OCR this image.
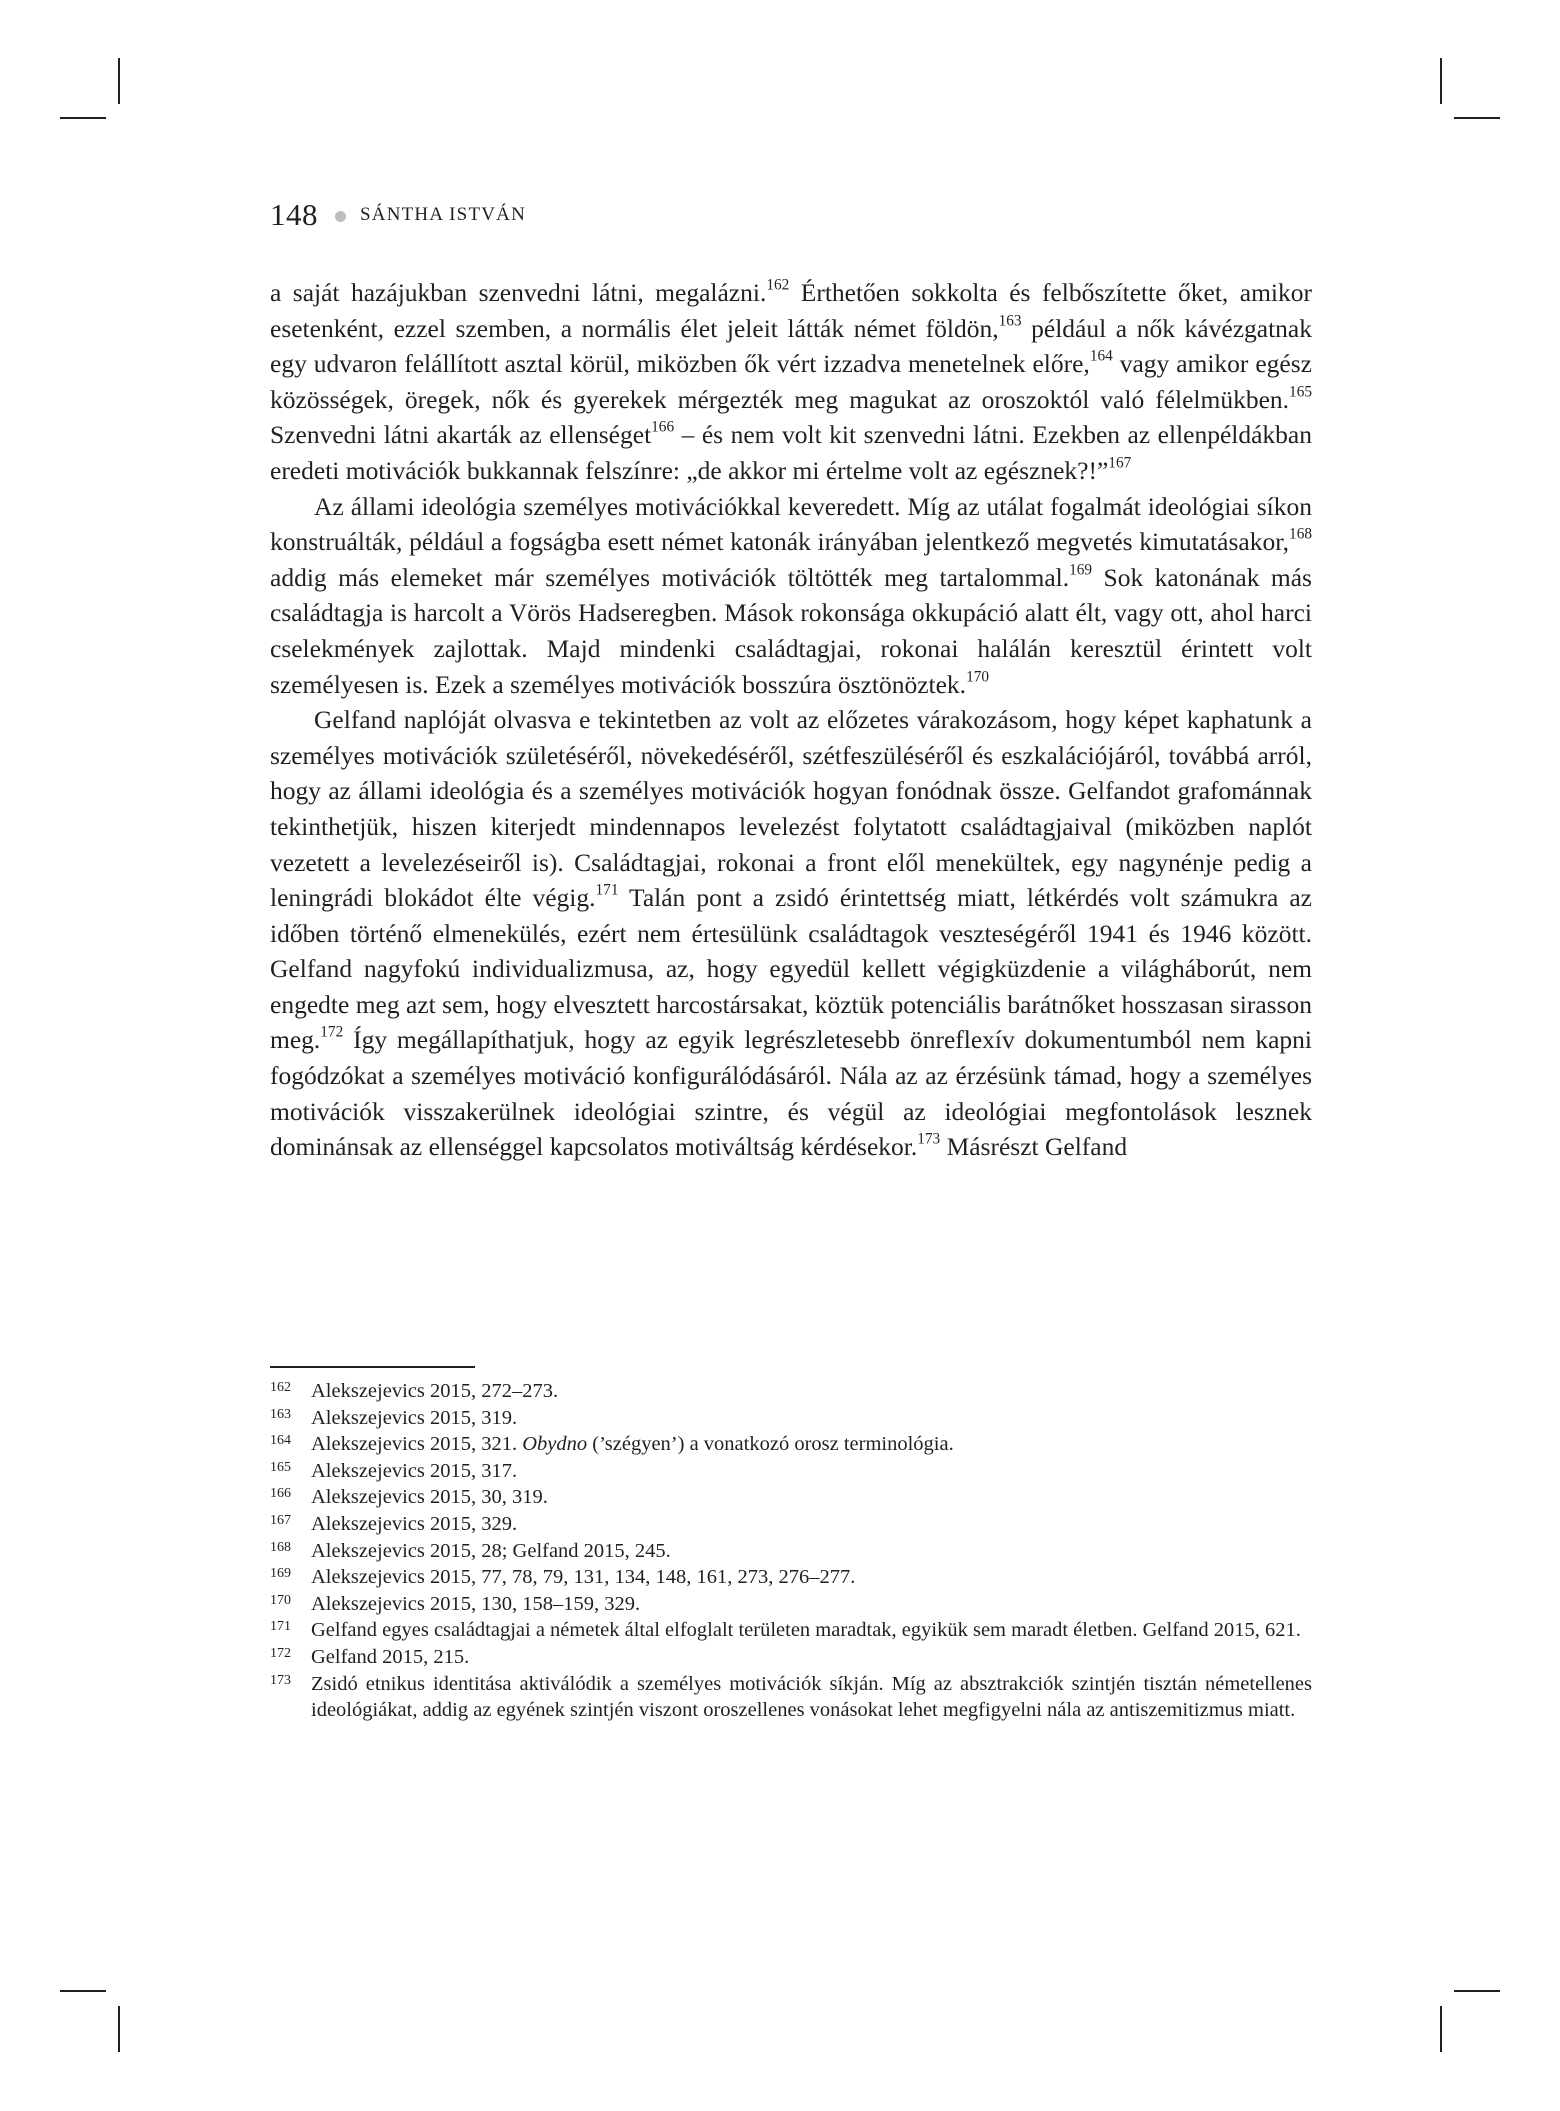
148 SÁNTHA ISTVÁN

a saját hazájukban szenvedni látni, megalázni.$^{162}$ Érthetően sokkolta és felbőszítette őket, amikor esetenként, ezzel szemben, a normális élet jeleit látták német földön,$^{163}$ például a nők kávézgatnak egy udvaron felállított asztal körül, miközben ők vért izzadva menetelnek előre,$^{164}$ vagy amikor egész közösségek, öregek, nők és gyerekek mérgezték meg magukat az oroszoktól való félelmükben.$^{165}$ Szenvedni látni akarták az ellenséget$^{166}$ – és nem volt kit szenvedni látni. Ezekben az ellenpéldákban eredeti motivációk bukkannak felszínre: „de akkor mi értelme volt az egésznek?!”$^{167}$

Az állami ideológia személyes motivációkkal keveredett. Míg az utálat fogalmát ideológiai síkon konstruálták, például a fogságba esett német katonák irányában jelentkező megvetés kimutatásakor,$^{168}$ addig más elemeket már személyes motivációk töltötték meg tartalommal.$^{169}$ Sok katonának más családtagja is harcolt a Vörös Hadseregben. Mások rokonsága okkupáció alatt élt, vagy ott, ahol harci cselekmények zajlottak. Majd mindenki családtagjai, rokonai halálán keresztül érintett volt személyesen is. Ezek a személyes motivációk bosszúra ösztönöztek.$^{170}$

Gelfand naplóját olvasva e tekintetben az volt az előzetes várakozásom, hogy képet kaphatunk a személyes motivációk születéséről, növekedéséről, szétfeszüléséről és eszkalációjáról, továbbá arról, hogy az állami ideológia és a személyes motivációk hogyan fonódnak össze. Gelfandot grafománnak tekinthetjük, hiszen kiterjedt mindennapos levelezést folytatott családtagjaival (miközben naplót vezetett a levelezéseiről is). Családtagjai, rokonai a front elől menekültek, egy nagynénje pedig a leningrádi blokádot élte végig.$^{171}$ Talán pont a zsidó érintettség miatt, létkérdés volt számukra az időben történő elmenekülés, ezért nem értesülünk családtagok veszteségéről 1941 és 1946 között. Gelfand nagyfokú individualizmusa, az, hogy egyedül kellett végigküzdenie a világháborút, nem engedte meg azt sem, hogy elvesztett harcostársakat, köztük potenciális barátnőket hosszasan sirasson meg.$^{172}$ Így megállapíthatjuk, hogy az egyik legrészletesebb önreflexív dokumentumból nem kapni fogódzókat a személyes motiváció konfigurálódásáról. Nála az az érzésünk támad, hogy a személyes motivációk visszakerülnek ideológiai szintre, és végül az ideológiai megfontolások lesznek dominánsak az ellenséggel kapcsolatos motiváltság kérdésekor.$^{173}$ Másrészt Gelfand

162 Alekszejevics 2015, 272–273.
163 Alekszejevics 2015, 319.
164 Alekszejevics 2015, 321. Obydno (’szégyen’) a vonatkozó orosz terminológia.
165 Alekszejevics 2015, 317.
166 Alekszejevics 2015, 30, 319.
167 Alekszejevics 2015, 329.
168 Alekszejevics 2015, 28; Gelfand 2015, 245.
169 Alekszejevics 2015, 77, 78, 79, 131, 134, 148, 161, 273, 276–277.
170 Alekszejevics 2015, 130, 158–159, 329.
171 Gelfand egyes családtagjai a németek által elfoglalt területen maradtak, egyikük sem maradt életben. Gelfand 2015, 621.
172 Gelfand 2015, 215.
173 Zsidó etnikus identitása aktiválódik a személyes motivációk síkján. Míg az absztrakciók szintjén tisztán németellenes ideológiákat, addig az egyének szintjén viszont oroszellenes vonásokat lehet megfigyelni nála az antiszemitizmus miatt.
